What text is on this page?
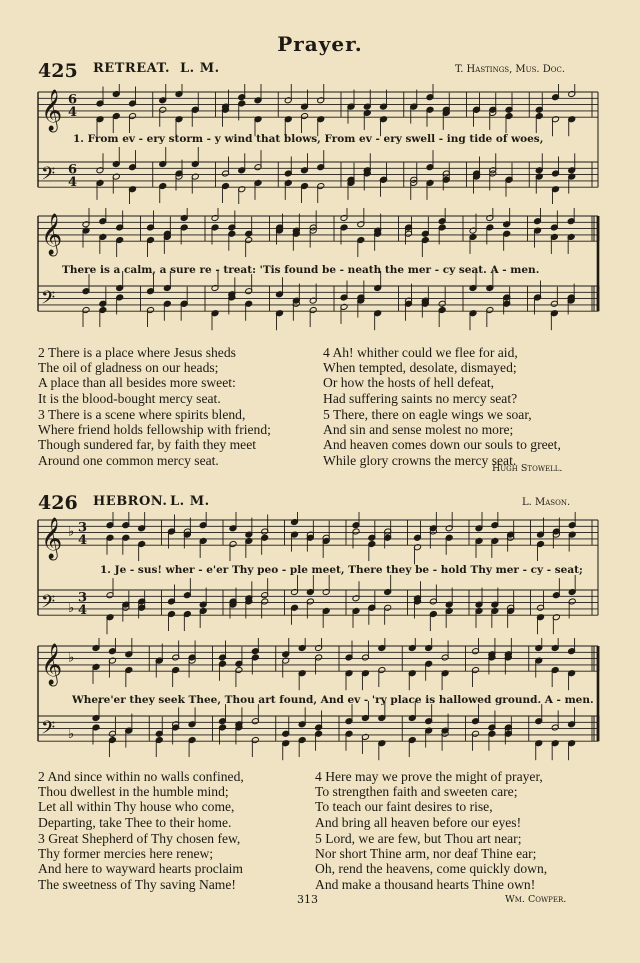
Prayer.
425 RETREAT. L. M.	T. Hastings, Mus. Doc.
𝄞 6
4
𝄢 6
4
1. From ev - ery storm - y wind that blows, From ev - ery swell - ing tide of woes,
𝄞
𝄢
There is a calm, a sure re - treat: 'Tis found be - neath the mer - cy seat. A - men.
2 There is a place where Jesus sheds
The oil of gladness on our heads;
A place than all besides more sweet:
It is the blood-bought mercy seat.
3 There is a scene where spirits blend,
Where friend holds fellowship with friend;
Though sundered far, by faith they meet
Around one common mercy seat.
4 Ah! whither could we flee for aid,
When tempted, desolate, dismayed;
Or how the hosts of hell defeat,
Had suffering saints no mercy seat?
5 There, there on eagle wings we soar,
And sin and sense molest no more;
And heaven comes down our souls to greet,
While glory crowns the mercy seat.
Hugh Stowell.
426 HEBRON. L. M.	L. Mason.
𝄞 ♭ 3
4
𝄢 ♭
3
4
1. Je - sus! wher - e'er Thy peo - ple meet, There they be - hold Thy mer - cy - seat;
𝄞 ♭
𝄢 ♭
Where'er they seek Thee, Thou art found, And ev - 'ry place is hallowed ground. A - men.
2 And since within no walls confined,
Thou dwellest in the humble mind;
Let all within Thy house who come,
Departing, take Thee to their home.
3 Great Shepherd of Thy chosen few,
Thy former mercies here renew;
And here to wayward hearts proclaim
The sweetness of Thy saving Name!
4 Here may we prove the might of prayer,
To strengthen faith and sweeten care;
To teach our faint desires to rise,
And bring all heaven before our eyes!
5 Lord, we are few, but Thou art near;
Nor short Thine arm, nor deaf Thine ear;
Oh, rend the heavens, come quickly down,
And make a thousand hearts Thine own!
313	Wm. Cowper.
